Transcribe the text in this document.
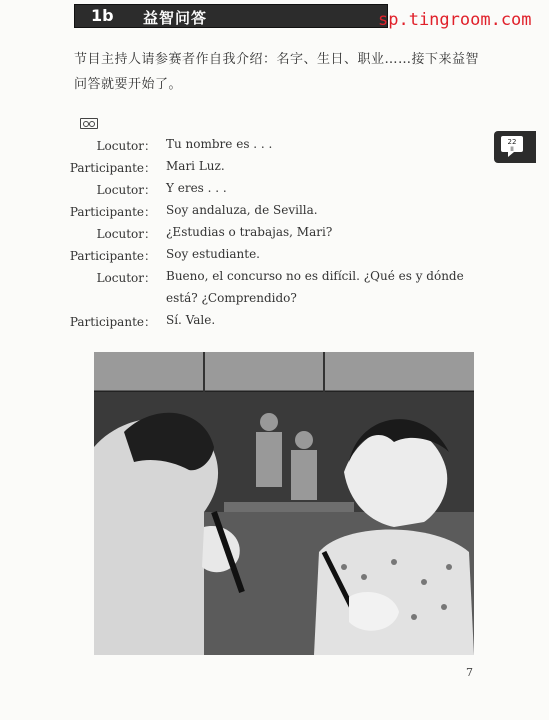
1b 益智问答	sp.tingroom.com
节目主持人请参赛者作自我介绍：名字、生日、职业……接下来益智问答就要开始了。
22
II
Locutor： Tu nombre es . . .
Participante： Mari Luz.
Locutor： Y eres . . .
Participante： Soy andaluza, de Sevilla.
Locutor： ¿Estudias o trabajas, Mari?
Participante： Soy estudiante.
Locutor： Bueno, el concurso no es difícil. ¿Qué es y dónde
está? ¿Comprendido?
Participante： Sí. Vale.
7
